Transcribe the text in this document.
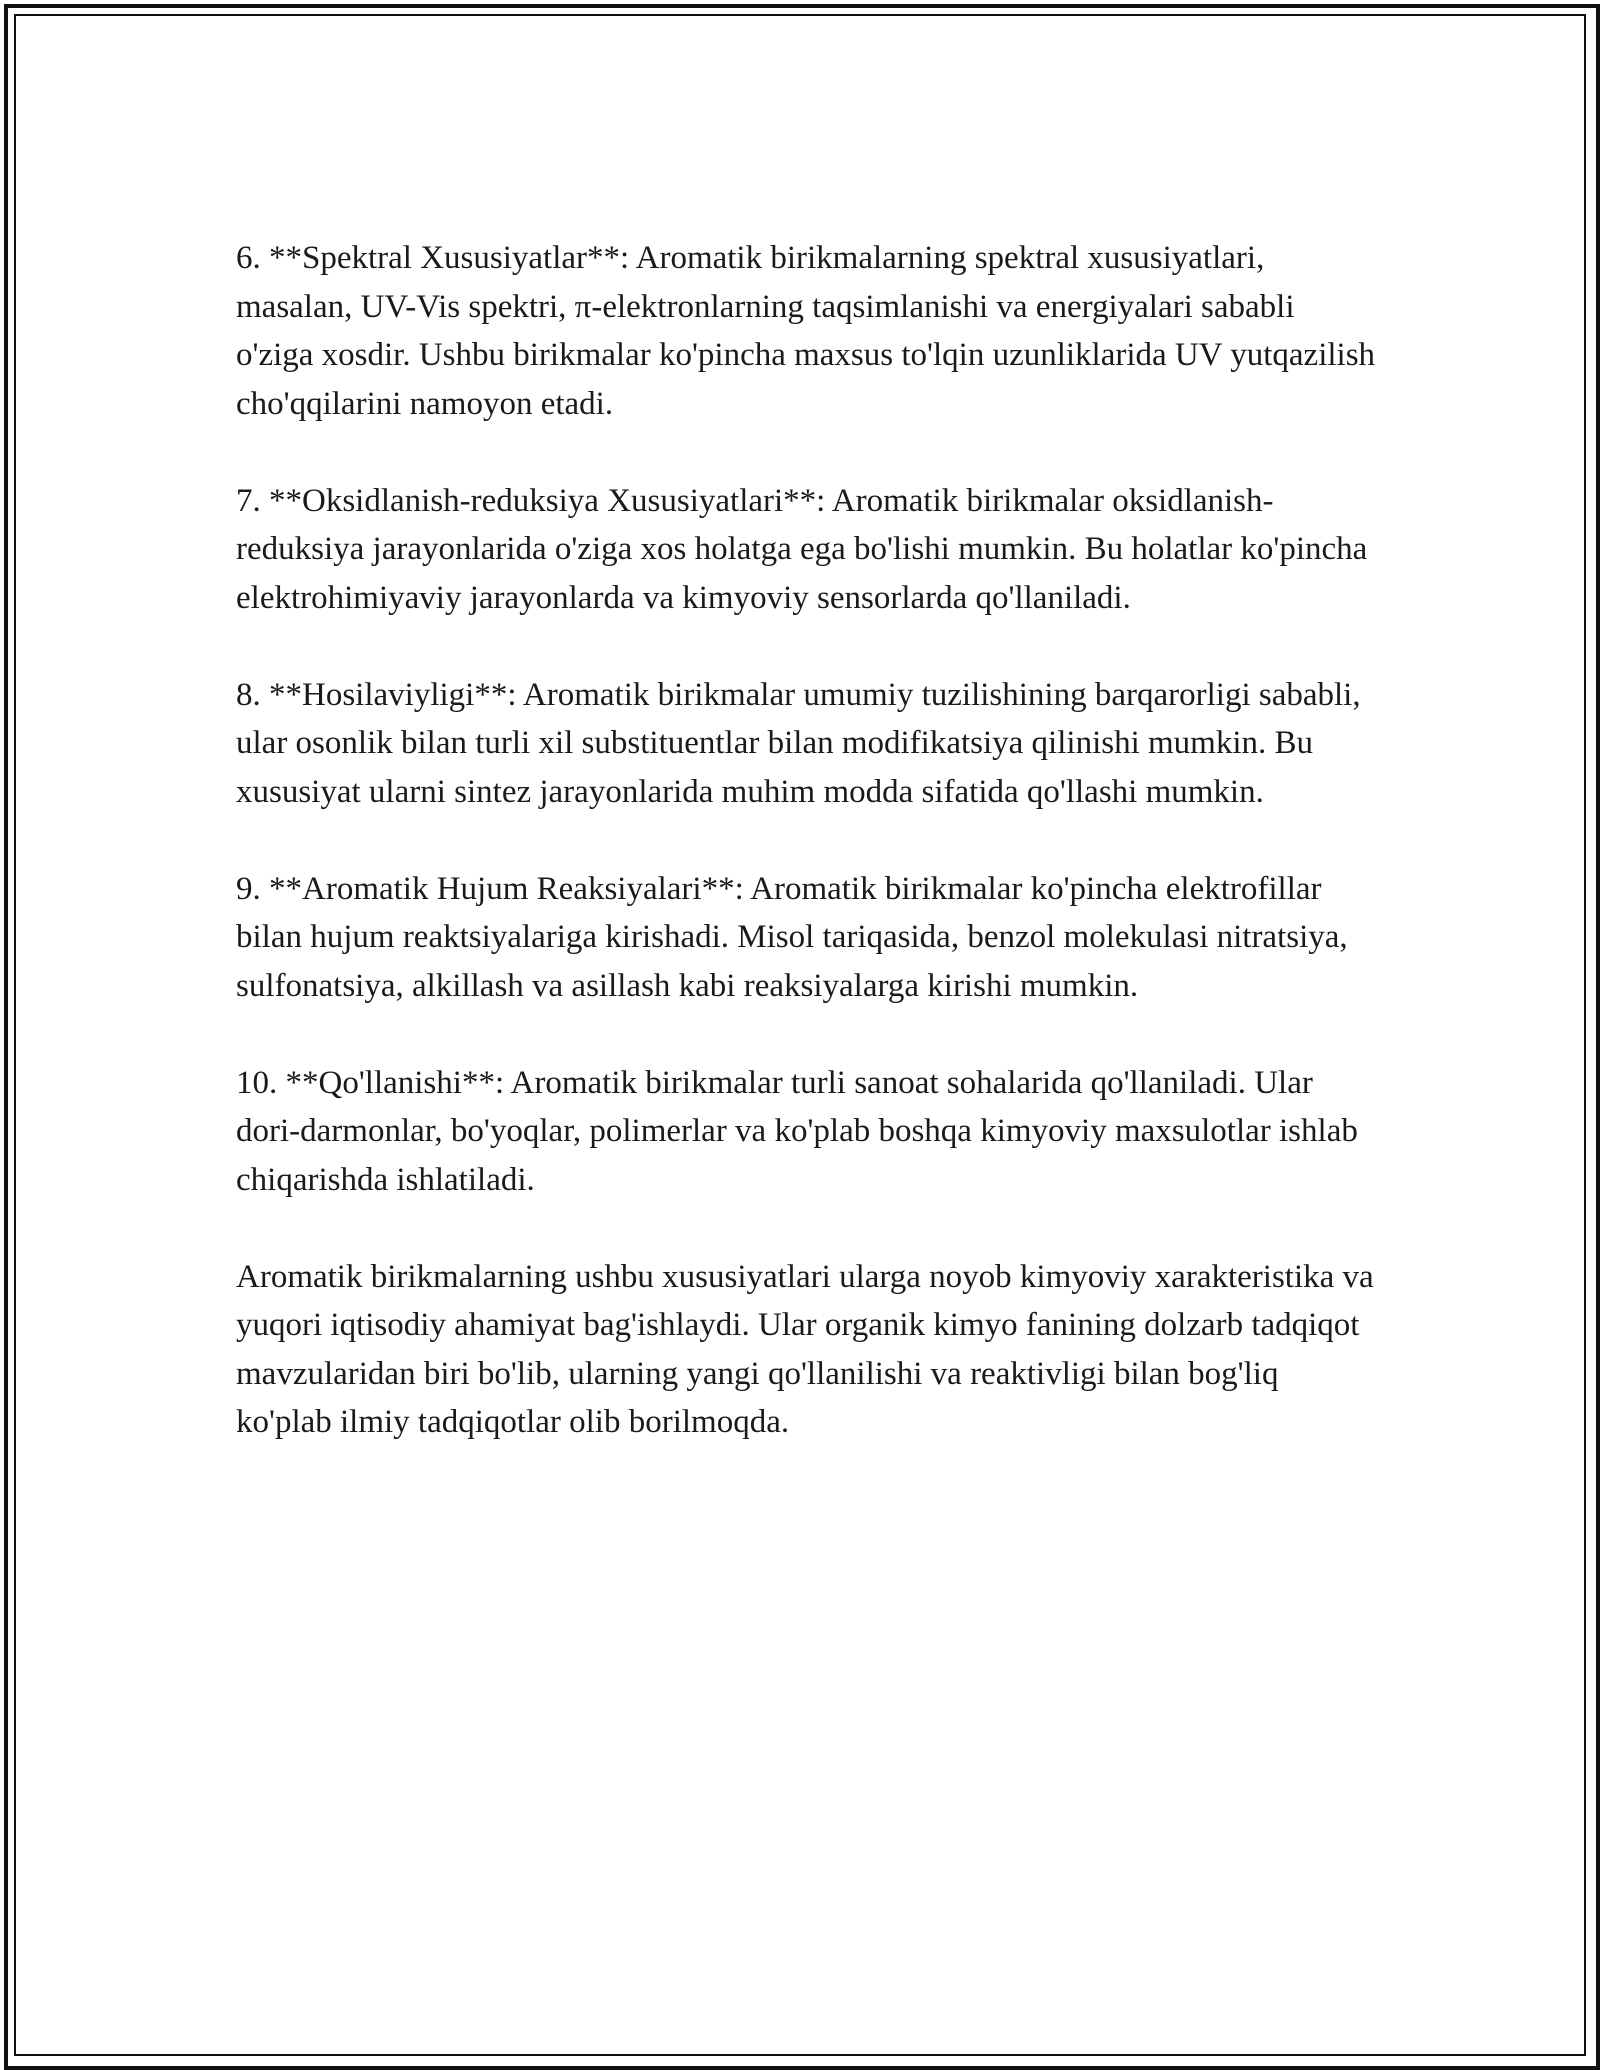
6. **Spektral Xususiyatlar**: Aromatik birikmalarning spektral xususiyatlari, masalan, UV-Vis spektri, π-elektronlarning taqsimlanishi va energiyalari sababli o'ziga xosdir. Ushbu birikmalar ko'pincha maxsus to'lqin uzunliklarida UV yutqazilish cho'qqilarini namoyon etadi.

7. **Oksidlanish-reduksiya Xususiyatlari**: Aromatik birikmalar oksidlanish-reduksiya jarayonlarida o'ziga xos holatga ega bo'lishi mumkin. Bu holatlar ko'pincha elektrohimiyaviy jarayonlarda va kimyoviy sensorlarda qo'llaniladi.

8. **Hosilaviyligi**: Aromatik birikmalar umumiy tuzilishining barqarorligi sababli, ular osonlik bilan turli xil substituentlar bilan modifikatsiya qilinishi mumkin. Bu xususiyat ularni sintez jarayonlarida muhim modda sifatida qo'llashi mumkin.

9. **Aromatik Hujum Reaksiyalari**: Aromatik birikmalar ko'pincha elektrofillar bilan hujum reaktsiyalariga kirishadi. Misol tariqasida, benzol molekulasi nitratsiya, sulfonatsiya, alkillash va asillash kabi reaksiyalarga kirishi mumkin.

10. **Qo'llanishi**: Aromatik birikmalar turli sanoat sohalarida qo'llaniladi. Ular dori-darmonlar, bo'yoqlar, polimerlar va ko'plab boshqa kimyoviy maxsulotlar ishlab chiqarishda ishlatiladi.

Aromatik birikmalarning ushbu xususiyatlari ularga noyob kimyoviy xarakteristika va yuqori iqtisodiy ahamiyat bag'ishlaydi. Ular organik kimyo fanining dolzarb tadqiqot mavzularidan biri bo'lib, ularning yangi qo'llanilishi va reaktivligi bilan bog'liq ko'plab ilmiy tadqiqotlar olib borilmoqda.
